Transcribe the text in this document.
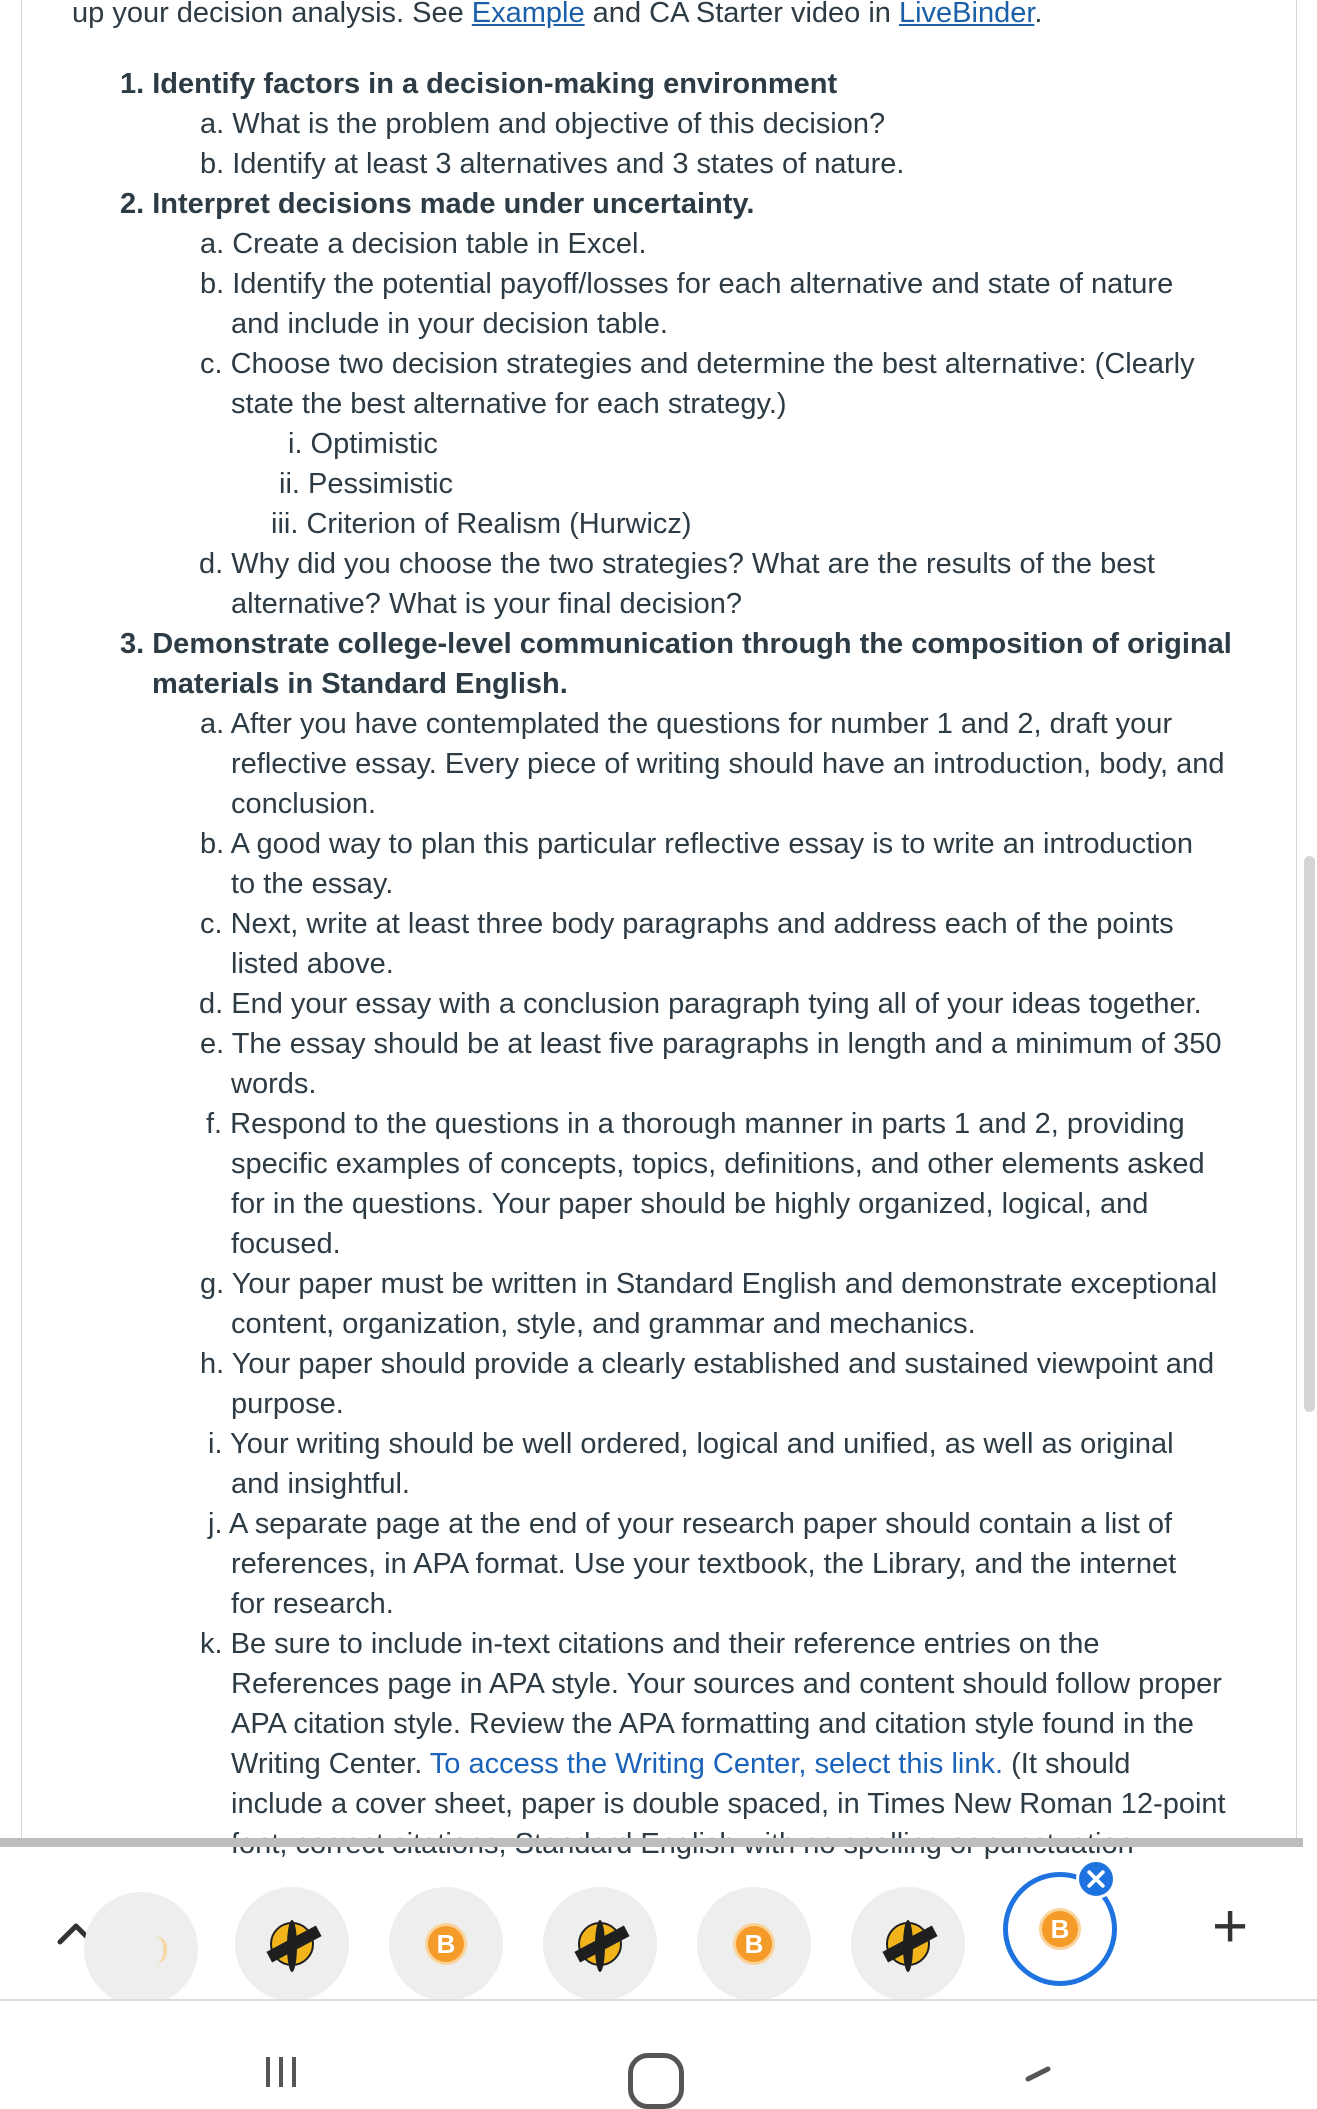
up your decision analysis. See Example and CA Starter video in LiveBinder.
1. Identify factors in a decision-making environment
a. What is the problem and objective of this decision?
b. Identify at least 3 alternatives and 3 states of nature.
2. Interpret decisions made under uncertainty.
a. Create a decision table in Excel.
b. Identify the potential payoff/losses for each alternative and state of nature
and include in your decision table.
c. Choose two decision strategies and determine the best alternative: (Clearly
state the best alternative for each strategy.)
i. Optimistic
ii. Pessimistic
iii. Criterion of Realism (Hurwicz)
d. Why did you choose the two strategies? What are the results of the best
alternative? What is your final decision?
3. Demonstrate college-level communication through the composition of original
materials in Standard English.
a. After you have contemplated the questions for number 1 and 2, draft your
reflective essay. Every piece of writing should have an introduction, body, and
conclusion.
b. A good way to plan this particular reflective essay is to write an introduction
to the essay.
c. Next, write at least three body paragraphs and address each of the points
listed above.
d. End your essay with a conclusion paragraph tying all of your ideas together.
e. The essay should be at least five paragraphs in length and a minimum of 350
words.
f. Respond to the questions in a thorough manner in parts 1 and 2, providing
specific examples of concepts, topics, definitions, and other elements asked
for in the questions. Your paper should be highly organized, logical, and
focused.
g. Your paper must be written in Standard English and demonstrate exceptional
content, organization, style, and grammar and mechanics.
h. Your paper should provide a clearly established and sustained viewpoint and
purpose.
i. Your writing should be well ordered, logical and unified, as well as original
and insightful.
j. A separate page at the end of your research paper should contain a list of
references, in APA format. Use your textbook, the Library, and the internet
for research.
k. Be sure to include in-text citations and their reference entries on the
References page in APA style. Your sources and content should follow proper
APA citation style. Review the APA formatting and citation style found in the
Writing Center. To access the Writing Center, select this link. (It should
include a cover sheet, paper is double spaced, in Times New Roman 12-point
B	B	B +
